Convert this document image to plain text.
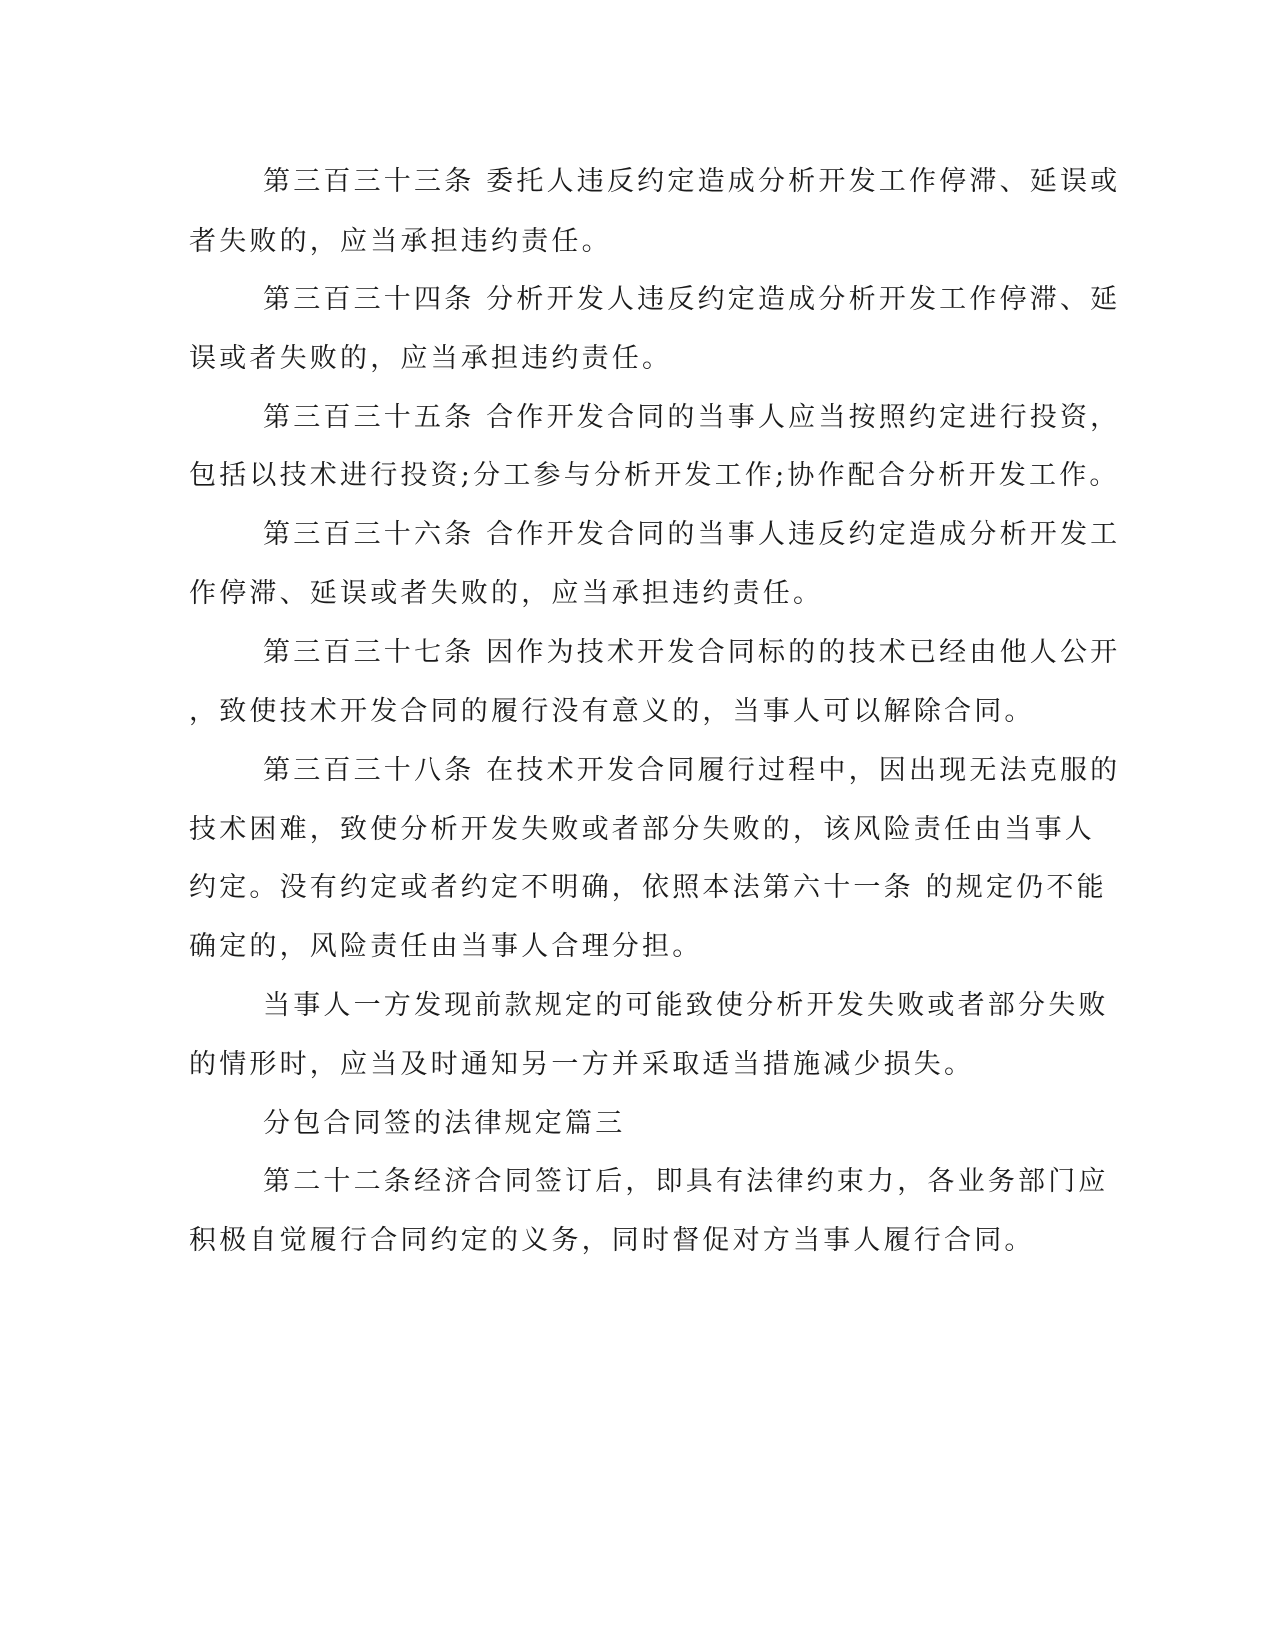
第三百三十三条 委托人违反约定造成分析开发工作停滞、延误或
者失败的，应当承担违约责任。
第三百三十四条 分析开发人违反约定造成分析开发工作停滞、延
误或者失败的，应当承担违约责任。
第三百三十五条 合作开发合同的当事人应当按照约定进行投资，
包括以技术进行投资;分工参与分析开发工作;协作配合分析开发工作。
第三百三十六条 合作开发合同的当事人违反约定造成分析开发工
作停滞、延误或者失败的，应当承担违约责任。
第三百三十七条 因作为技术开发合同标的的技术已经由他人公开
，致使技术开发合同的履行没有意义的，当事人可以解除合同。
第三百三十八条 在技术开发合同履行过程中，因出现无法克服的
技术困难，致使分析开发失败或者部分失败的，该风险责任由当事人
约定。没有约定或者约定不明确，依照本法第六十一条 的规定仍不能
确定的，风险责任由当事人合理分担。
当事人一方发现前款规定的可能致使分析开发失败或者部分失败
的情形时，应当及时通知另一方并采取适当措施减少损失。
分包合同签的法律规定篇三
第二十二条经济合同签订后，即具有法律约束力，各业务部门应
积极自觉履行合同约定的义务，同时督促对方当事人履行合同。
